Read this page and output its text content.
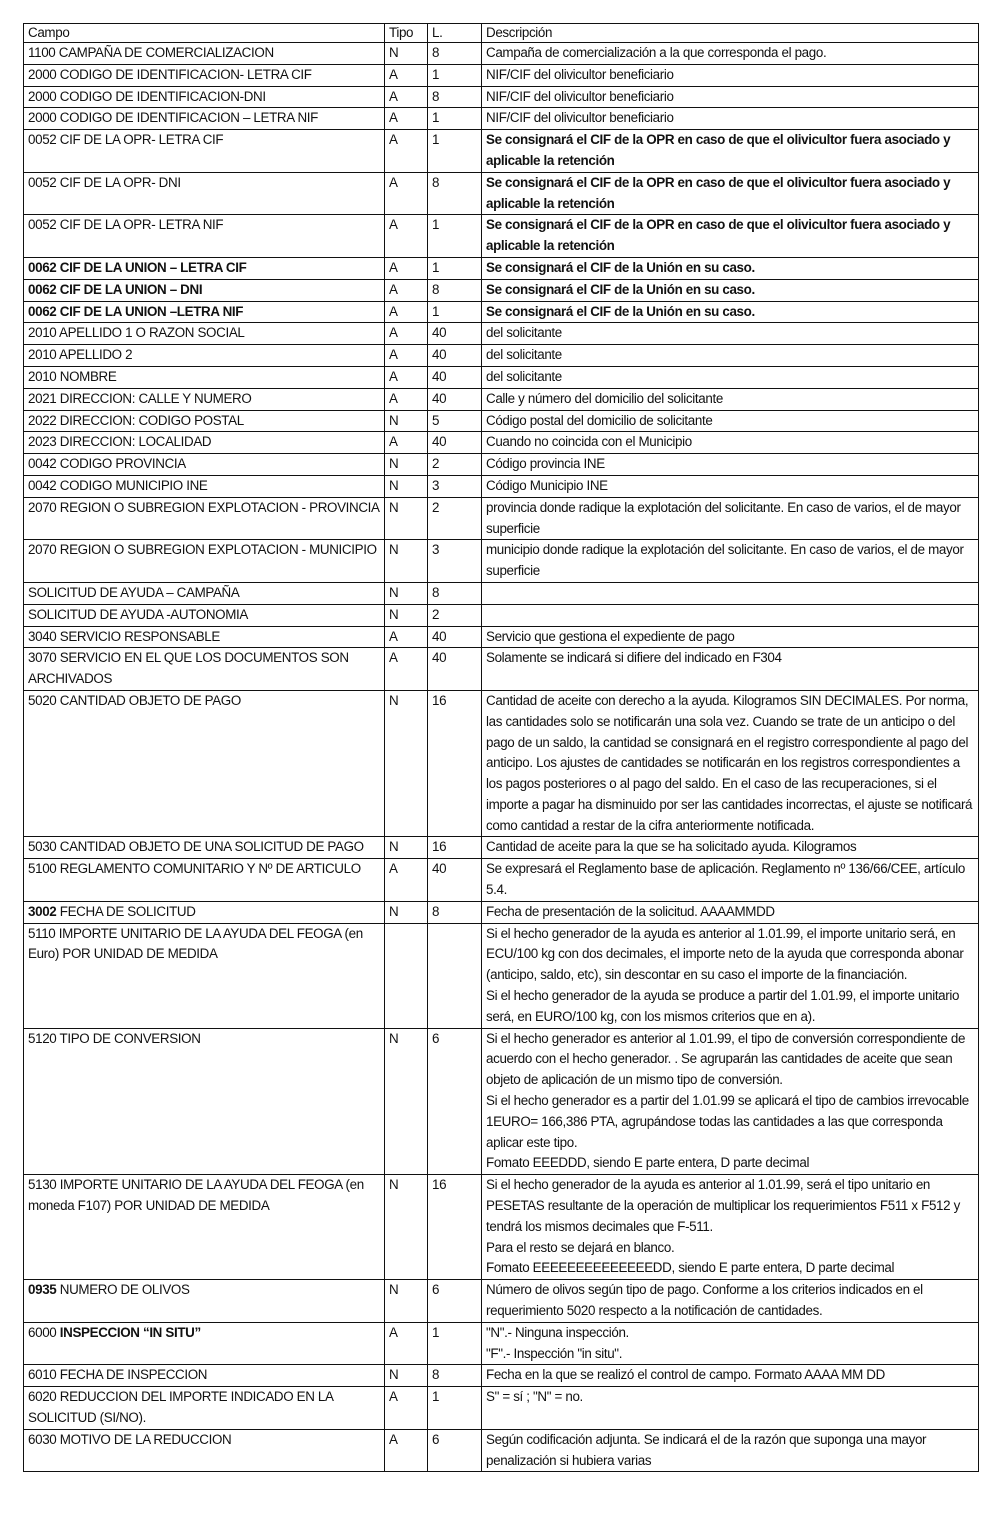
Campo	Tipo	L.	Descripción
1100 CAMPAÑA DE COMERCIALIZACION	N	8	Campaña de comercialización a la que corresponda el pago.

2000 CODIGO DE IDENTIFICACION- LETRA CIF	A	1	NIF/CIF del olivicultor beneficiario

2000 CODIGO DE IDENTIFICACION-DNI	A	8	NIF/CIF del olivicultor beneficiario

2000 CODIGO DE IDENTIFICACION – LETRA NIF	A	1	NIF/CIF del olivicultor beneficiario

0052 CIF DE LA OPR- LETRA CIF	A	1	Se consignará el CIF de la OPR en caso de que el olivicultor fuera asociado y aplicable la retención

0052 CIF DE LA OPR- DNI	A	8	Se consignará el CIF de la OPR en caso de que el olivicultor fuera asociado y aplicable la retención

0052 CIF DE LA OPR- LETRA NIF	A	1	Se consignará el CIF de la OPR en caso de que el olivicultor fuera asociado y aplicable la retención

0062 CIF DE LA UNION – LETRA CIF	A	1	Se consignará el CIF de la Unión en su caso.

0062 CIF DE LA UNION – DNI	A	8	Se consignará el CIF de la Unión en su caso.

0062 CIF DE LA UNION –LETRA NIF	A	1	Se consignará el CIF de la Unión en su caso.

2010 APELLIDO 1 O RAZON SOCIAL	A	40	del solicitante

2010 APELLIDO 2	A	40	del solicitante

2010 NOMBRE	A	40	del solicitante

2021 DIRECCION: CALLE Y NUMERO	A	40	Calle y número del domicilio del solicitante

2022 DIRECCION: CODIGO POSTAL	N	5	Código postal del domicilio de solicitante

2023 DIRECCION: LOCALIDAD	A	40	Cuando no coincida con el Municipio

0042 CODIGO PROVINCIA	N	2	Código provincia INE

0042 CODIGO MUNICIPIO INE	N	3	Código Municipio INE

2070 REGION O SUBREGION EXPLOTACION - PROVINCIA	N	2	provincia donde radique la explotación del solicitante. En caso de varios, el de mayor superficie

2070 REGION O SUBREGION EXPLOTACION - MUNICIPIO	N	3	municipio donde radique la explotación del solicitante. En caso de varios, el de mayor superficie

SOLICITUD DE AYUDA – CAMPAÑA	N	8	
SOLICITUD DE AYUDA -AUTONOMIA	N	2	
3040 SERVICIO RESPONSABLE	A	40	Servicio que gestiona el expediente de pago

3070 SERVICIO EN EL QUE LOS DOCUMENTOS SON ARCHIVADOS	A	40	Solamente se indicará si difiere del indicado en F304

5020 CANTIDAD OBJETO DE PAGO	N	16	Cantidad de aceite con derecho a la ayuda. Kilogramos SIN DECIMALES. Por norma, las cantidades solo se notificarán una sola vez. Cuando se trate de un anticipo o del pago de un saldo, la cantidad se consignará en el registro correspondiente al pago del anticipo. Los ajustes de cantidades se notificarán en los registros correspondientes a los pagos posteriores o al pago del saldo. En el caso de las recuperaciones, si el importe a pagar ha disminuido por ser las cantidades incorrectas, el ajuste se notificará como cantidad a restar de la cifra anteriormente notificada.

5030 CANTIDAD OBJETO DE UNA SOLICITUD DE PAGO	N	16	Cantidad de aceite para la que se ha solicitado ayuda. Kilogramos

5100 REGLAMENTO COMUNITARIO Y Nº DE ARTICULO	A	40	Se expresará el Reglamento base de aplicación. Reglamento nº 136/66/CEE, artículo 5.4.

3002 FECHA DE SOLICITUD	N	8	Fecha de presentación de la solicitud. AAAAMMDD

5110 IMPORTE UNITARIO DE LA AYUDA DEL FEOGA (en Euro) POR UNIDAD DE MEDIDA			Si el hecho generador de la ayuda es anterior al 1.01.99, el importe unitario será, en ECU/100 kg con dos decimales, el importe neto de la ayuda que corresponda abonar (anticipo, saldo, etc), sin descontar en su caso el importe de la financiación.
Si el hecho generador de la ayuda se produce a partir del 1.01.99, el importe unitario será, en EURO/100 kg, con los mismos criterios que en a).

5120 TIPO DE CONVERSION	N	6	Si el hecho generador es anterior al 1.01.99, el tipo de conversión correspondiente de acuerdo con el hecho generador. . Se agruparán las cantidades de aceite que sean objeto de aplicación de un mismo tipo de conversión.
Si el hecho generador es a partir del 1.01.99 se aplicará el tipo de cambios irrevocable 1EURO= 166,386 PTA, agrupándose todas las cantidades a las que corresponda aplicar este tipo.
Fomato EEEDDD, siendo E parte entera, D parte decimal

5130 IMPORTE UNITARIO DE LA AYUDA DEL FEOGA (en moneda F107) POR UNIDAD DE MEDIDA	N	16	Si el hecho generador de la ayuda es anterior al 1.01.99, será el tipo unitario en PESETAS resultante de la operación de multiplicar los requerimientos F511 x F512 y tendrá los mismos decimales que F-511.
Para el resto se dejará en blanco.
Fomato EEEEEEEEEEEEEEDD, siendo E parte entera, D parte decimal

0935 NUMERO DE OLIVOS	N	6	Número de olivos según tipo de pago. Conforme a los criterios indicados en el requerimiento 5020 respecto a la notificación de cantidades.

6000 INSPECCION “IN SITU”	A	1	"N".- Ninguna inspección.
"F".- Inspección "in situ".

6010 FECHA DE INSPECCION	N	8	Fecha en la que se realizó el control de campo. Formato AAAA MM DD

6020 REDUCCION DEL IMPORTE INDICADO EN LA SOLICITUD (SI/NO).	A	1	S" = sí ; "N" = no.

6030 MOTIVO DE LA REDUCCION	A	6	Según codificación adjunta. Se indicará el de la razón que suponga una mayor penalización si hubiera varias
